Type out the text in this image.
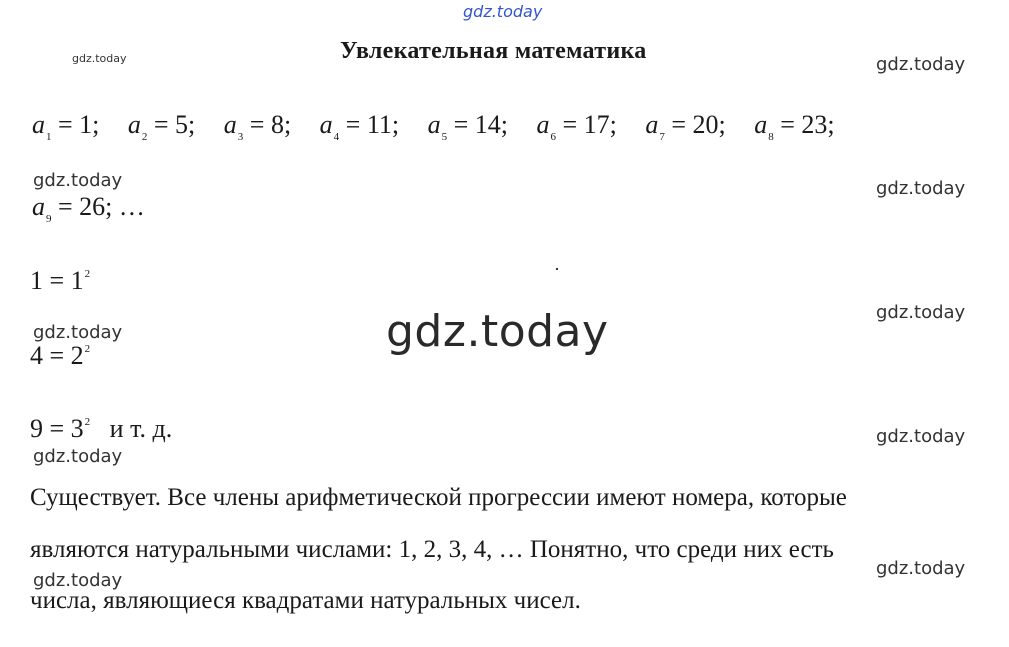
gdz.today
gdz.today	gdz.today
gdz.today	gdz.today
gdz.today
gdz.today	gdz.today
gdz.today
gdz.today
gdz.today
gdz.today
Увлекательная математика
$a_1 = 1$; $a_2 = 5$; $a_3 = 8$; $a_4 = 11$; $a_5 = 14$; $a_6 = 17$; $a_7 = 20$; $a_8 = 23$;
$a_9 = 26$; …
$1 = 1^2$
$4 = 2^2$
$9 = 3^2$ и т. д.
Существует. Все члены арифметической прогрессии имеют номера, которые
являются натуральными числами: 1, 2, 3, 4, … Понятно, что среди них есть
числа, являющиеся квадратами натуральных чисел.
